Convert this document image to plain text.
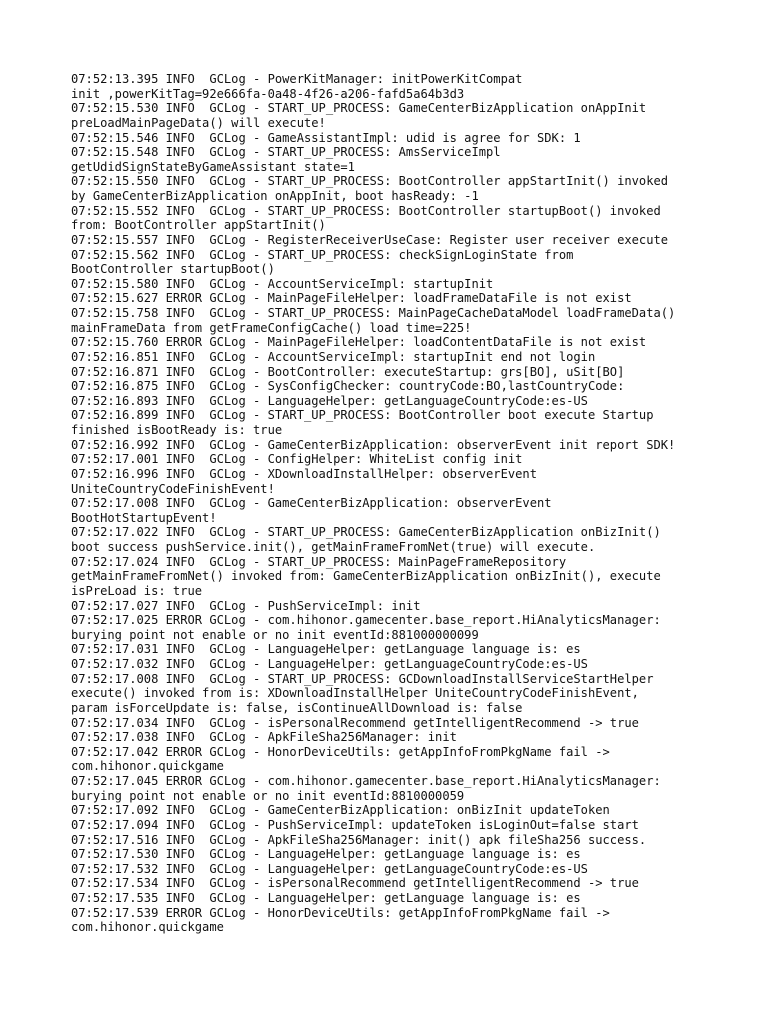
07:52:13.395 INFO  GCLog - PowerKitManager: initPowerKitCompat
init ,powerKitTag=92e666fa-0a48-4f26-a206-fafd5a64b3d3
07:52:15.530 INFO  GCLog - START_UP_PROCESS: GameCenterBizApplication onAppInit
preLoadMainPageData() will execute!
07:52:15.546 INFO  GCLog - GameAssistantImpl: udid is agree for SDK: 1
07:52:15.548 INFO  GCLog - START_UP_PROCESS: AmsServiceImpl
getUdidSignStateByGameAssistant state=1
07:52:15.550 INFO  GCLog - START_UP_PROCESS: BootController appStartInit() invoked
by GameCenterBizApplication onAppInit, boot hasReady: -1
07:52:15.552 INFO  GCLog - START_UP_PROCESS: BootController startupBoot() invoked
from: BootController appStartInit()
07:52:15.557 INFO  GCLog - RegisterReceiverUseCase: Register user receiver execute
07:52:15.562 INFO  GCLog - START_UP_PROCESS: checkSignLoginState from
BootController startupBoot()
07:52:15.580 INFO  GCLog - AccountServiceImpl: startupInit
07:52:15.627 ERROR GCLog - MainPageFileHelper: loadFrameDataFile is not exist
07:52:15.758 INFO  GCLog - START_UP_PROCESS: MainPageCacheDataModel loadFrameData()
mainFrameData from getFrameConfigCache() load time=225!
07:52:15.760 ERROR GCLog - MainPageFileHelper: loadContentDataFile is not exist
07:52:16.851 INFO  GCLog - AccountServiceImpl: startupInit end not login
07:52:16.871 INFO  GCLog - BootController: executeStartup: grs[BO], uSit[BO]
07:52:16.875 INFO  GCLog - SysConfigChecker: countryCode:BO,lastCountryCode:
07:52:16.893 INFO  GCLog - LanguageHelper: getLanguageCountryCode:es-US
07:52:16.899 INFO  GCLog - START_UP_PROCESS: BootController boot execute Startup
finished isBootReady is: true
07:52:16.992 INFO  GCLog - GameCenterBizApplication: observerEvent init report SDK!
07:52:17.001 INFO  GCLog - ConfigHelper: WhiteList config init
07:52:16.996 INFO  GCLog - XDownloadInstallHelper: observerEvent
UniteCountryCodeFinishEvent!
07:52:17.008 INFO  GCLog - GameCenterBizApplication: observerEvent
BootHotStartupEvent!
07:52:17.022 INFO  GCLog - START_UP_PROCESS: GameCenterBizApplication onBizInit()
boot success pushService.init(), getMainFrameFromNet(true) will execute.
07:52:17.024 INFO  GCLog - START_UP_PROCESS: MainPageFrameRepository
getMainFrameFromNet() invoked from: GameCenterBizApplication onBizInit(), execute
isPreLoad is: true
07:52:17.027 INFO  GCLog - PushServiceImpl: init
07:52:17.025 ERROR GCLog - com.hihonor.gamecenter.base_report.HiAnalyticsManager:
burying point not enable or no init eventId:881000000099
07:52:17.031 INFO  GCLog - LanguageHelper: getLanguage language is: es
07:52:17.032 INFO  GCLog - LanguageHelper: getLanguageCountryCode:es-US
07:52:17.008 INFO  GCLog - START_UP_PROCESS: GCDownloadInstallServiceStartHelper
execute() invoked from is: XDownloadInstallHelper UniteCountryCodeFinishEvent,
param isForceUpdate is: false, isContinueAllDownload is: false
07:52:17.034 INFO  GCLog - isPersonalRecommend getIntelligentRecommend -> true
07:52:17.038 INFO  GCLog - ApkFileSha256Manager: init
07:52:17.042 ERROR GCLog - HonorDeviceUtils: getAppInfoFromPkgName fail ->
com.hihonor.quickgame
07:52:17.045 ERROR GCLog - com.hihonor.gamecenter.base_report.HiAnalyticsManager:
burying point not enable or no init eventId:8810000059
07:52:17.092 INFO  GCLog - GameCenterBizApplication: onBizInit updateToken
07:52:17.094 INFO  GCLog - PushServiceImpl: updateToken isLoginOut=false start
07:52:17.516 INFO  GCLog - ApkFileSha256Manager: init() apk fileSha256 success.
07:52:17.530 INFO  GCLog - LanguageHelper: getLanguage language is: es
07:52:17.532 INFO  GCLog - LanguageHelper: getLanguageCountryCode:es-US
07:52:17.534 INFO  GCLog - isPersonalRecommend getIntelligentRecommend -> true
07:52:17.535 INFO  GCLog - LanguageHelper: getLanguage language is: es
07:52:17.539 ERROR GCLog - HonorDeviceUtils: getAppInfoFromPkgName fail ->
com.hihonor.quickgame
